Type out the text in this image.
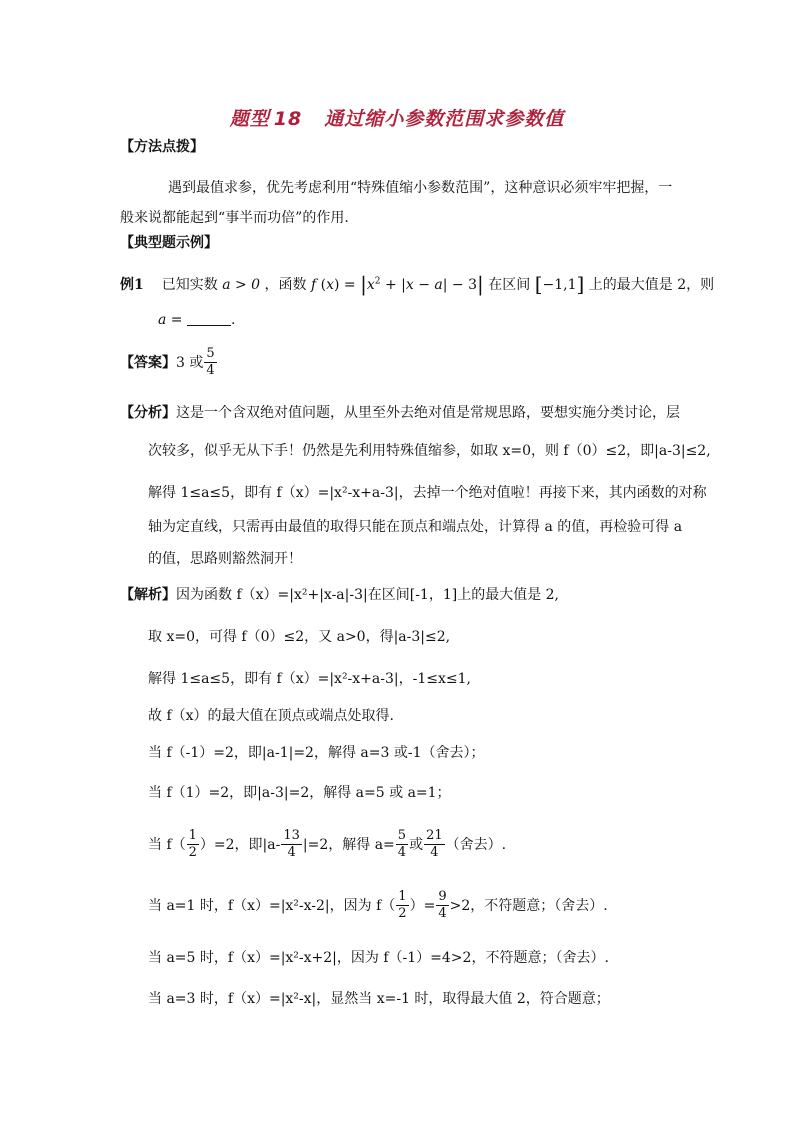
题型 18 通过缩小参数范围求参数值
【方法点拨】
遇到最值求参，优先考虑利用“特殊值缩小参数范围”，这种意识必须牢牢把握，一
般来说都能起到“事半而功倍”的作用.
【典型题示例】
例1 已知实数 a > 0 ，函数 f $(x) = |x^2 + |x - a| - 3|$ 在区间 [−1,1] 上的最大值是 2，则
a =	.
【答案】3 或 $\frac{5}{4}$
【分析】这是一个含双绝对值问题，从里至外去绝对值是常规思路，要想实施分类讨论，层
次较多，似乎无从下手！仍然是先利用特殊值缩参，如取 x=0，则 f（0）≤2，即|a-3|≤2,
解得 1≤a≤5，即有 f（x）=|x²-x+a-3|，去掉一个绝对值啦！再接下来，其内函数的对称
轴为定直线，只需再由最值的取得只能在顶点和端点处，计算得 a 的值，再检验可得 a
的值，思路则豁然洞开！
【解析】因为函数 f（x）=|x²+|x-a|-3|在区间[-1，1]上的最大值是 2,
取 x=0，可得 f（0）≤2，又 a>0，得|a-3|≤2,
解得 1≤a≤5，即有 f（x）=|x²-x+a-3|，-1≤x≤1,
故 f（x）的最大值在顶点或端点处取得.
当 f（-1）=2，即|a-1|=2，解得 a=3 或-1（舍去）；
当 f（1）=2，即|a-3|=2，解得 a=5 或 a=1；
当 $f( \frac{1}{2} )=2$，即$|a- \frac{13}{4} |=2$，解得 $a= \frac{5}{4}$ 或 $\frac{21}{4}$ （舍去）.
当 a=1 时，f（x）=|x²-x-2|，因为 $f( \frac{1}{2}$ ）= $\frac{9}{4} >2$，不符题意；（舍去）.
当 a=5 时，f（x）=|x²-x+2|，因为 f（-1）=4>2，不符题意；（舍去）.
当 a=3 时，f（x）=|x²-x|，显然当 x=-1 时，取得最大值 2，符合题意；
